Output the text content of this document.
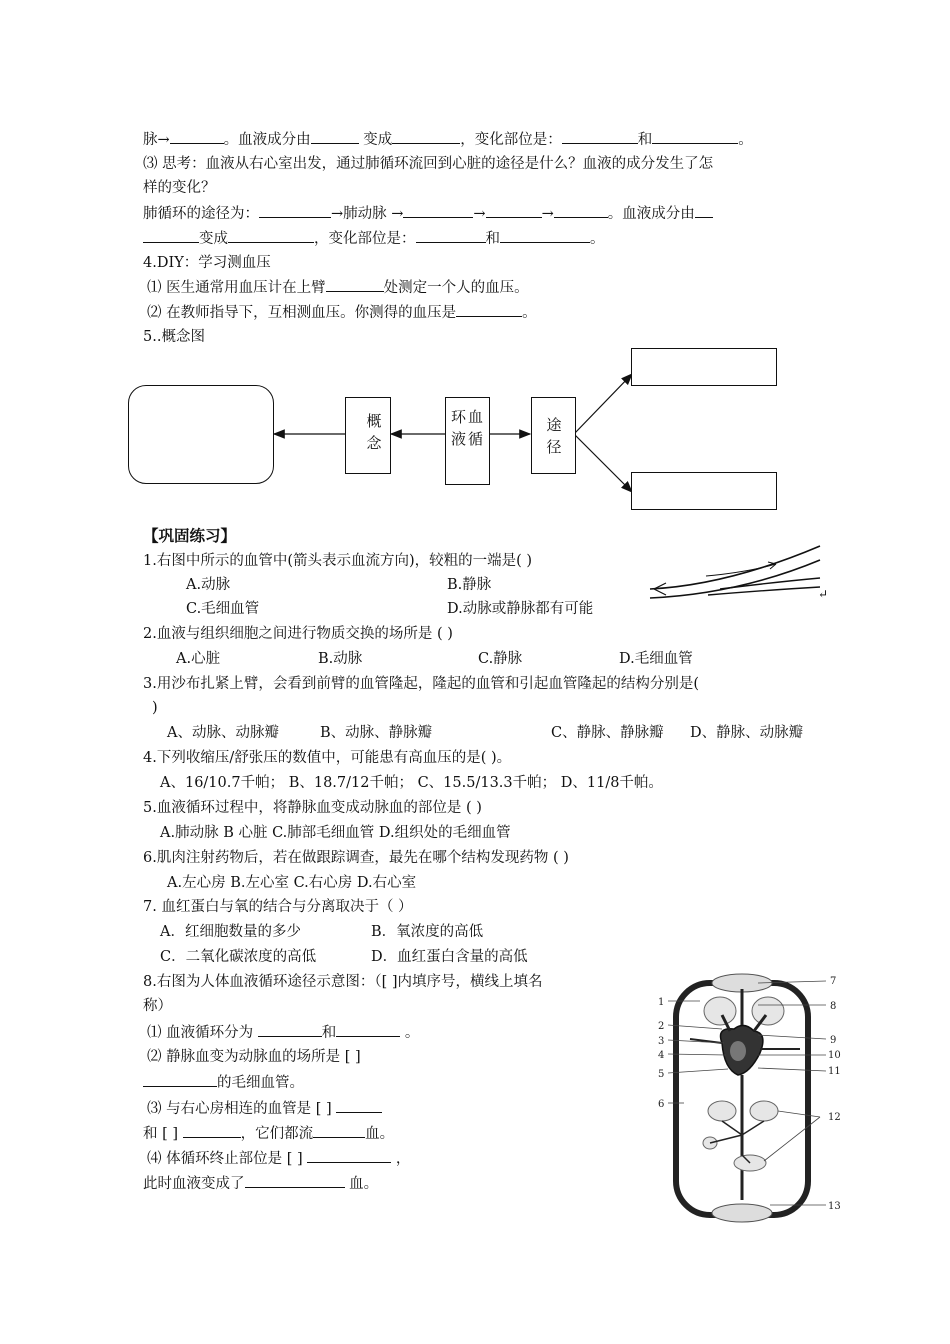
脉→	。血液成分由	变成	，变化部位是：	和	。
⑶ 思考：血液从右心室出发，通过肺循环流回到心脏的途径是什么？血液的成分发生了怎
样的变化？
肺循环的途径为：	→肺动脉 →	→	→	。血液成分由
变成	，变化部位是：	和	。
4.DIY：学习测血压
⑴ 医生通常用血压计在上臂	处测定一个人的血压。
⑵ 在教师指导下，互相测血压。你测得的血压是	。
5..概念图
概念
环血液循
途径
【巩固练习】
1.右图中所示的血管中(箭头表示血流方向)，较粗的一端是( )
A.动脉	B.静脉
C.毛细血管	D.动脉或静脉都有可能
↵
2.血液与组织细胞之间进行物质交换的场所是 ( )
A.心脏	B.动脉	C.静脉	D.毛细血管
3.用沙布扎紧上臂，会看到前臂的血管隆起，隆起的血管和引起血管隆起的结构分别是(
)
A、动脉、动脉瓣	B、动脉、静脉瓣	C、静脉、静脉瓣 D、静脉、动脉瓣
4.下列收缩压/舒张压的数值中，可能患有高血压的是( )。
A、16/10.7千帕； B、18.7/12千帕； C、15.5/13.3千帕； D、11/8千帕。
5.血液循环过程中，将静脉血变成动脉血的部位是 ( )
A.肺动脉 B 心脏 C.肺部毛细血管 D.组织处的毛细血管
6.肌肉注射药物后，若在做跟踪调查，最先在哪个结构发现药物 ( )
A.左心房 B.左心室 C.右心房 D.右心室
7. 血红蛋白与氧的结合与分离取决于（ ）
A．红细胞数量的多少	B．氧浓度的高低
C．二氧化碳浓度的高低	D．血红蛋白含量的高低
8.右图为人体血液循环途径示意图：（[ ]内填序号，横线上填名
称）
⑴ 血液循环分为	和	。
⑵ 静脉血变为动脉血的场所是 [ ]
的毛细血管。
⑶ 与右心房相连的血管是 [ ]
和 [ ]	，它们都流	血。
⑷ 体循环终止部位是 [ ]	，
此时血液变成了	血。
1
2
3
4
5
6
7
8
9
10
11
12
13
